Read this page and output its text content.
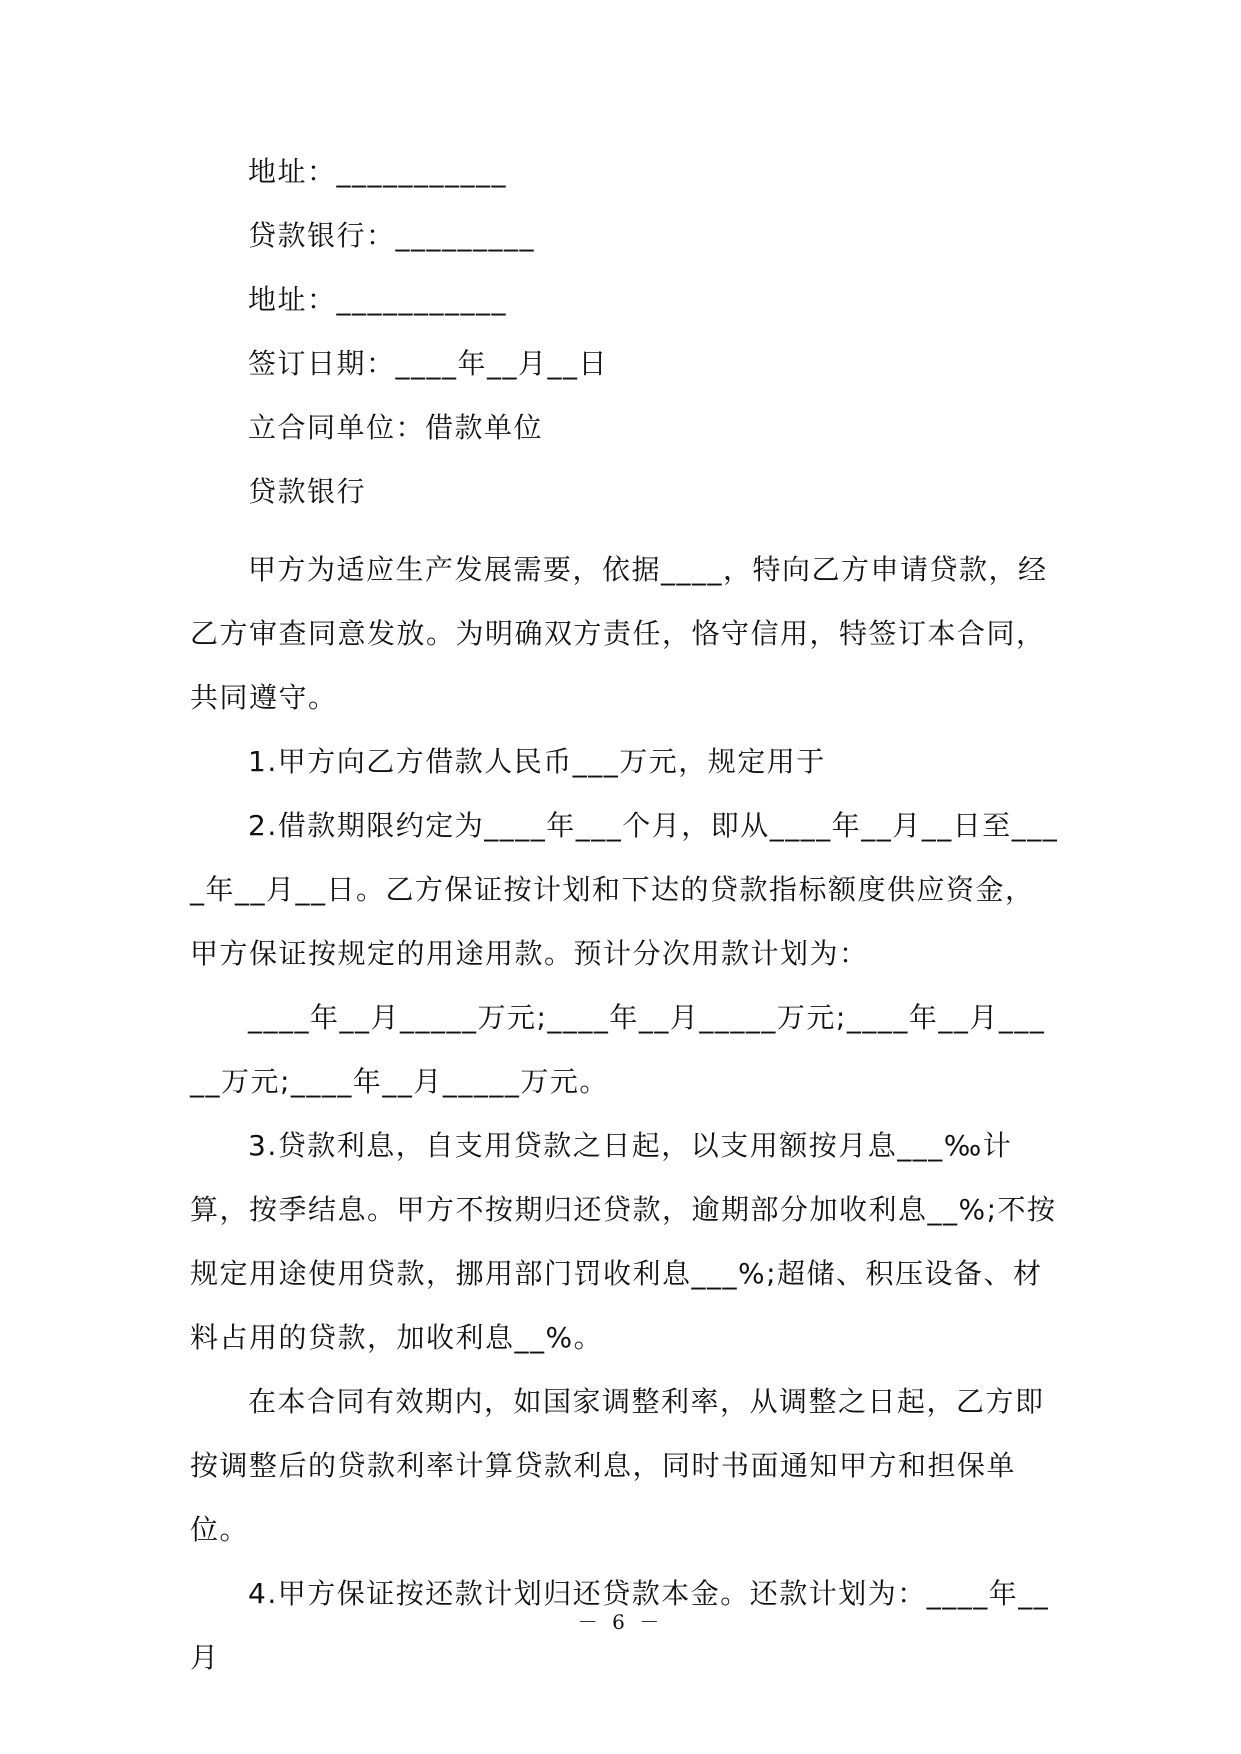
地址：___________

贷款银行：_________

地址：___________

签订日期：____年__月__日

立合同单位：借款单位

贷款银行

甲方为适应生产发展需要，依据____，特向乙方申请贷款，经乙方审查同意发放。为明确双方责任，恪守信用，特签订本合同，共同遵守。

1.甲方向乙方借款人民币___万元，规定用于

2.借款期限约定为____年___个月，即从____年__月__日至____年__月__日。乙方保证按计划和下达的贷款指标额度供应资金，甲方保证按规定的用途用款。预计分次用款计划为：

____年__月_____万元;____年__月_____万元;____年__月_____万元;____年__月_____万元。

3.贷款利息，自支用贷款之日起，以支用额按月息___‰计算，按季结息。甲方不按期归还贷款，逾期部分加收利息__%;不按规定用途使用贷款，挪用部门罚收利息___%;超储、积压设备、材料占用的贷款，加收利息__%。

在本合同有效期内，如国家调整利率，从调整之日起，乙方即按调整后的贷款利率计算贷款利息，同时书面通知甲方和担保单位。

4.甲方保证按还款计划归还贷款本金。还款计划为：____年__月

－ 6 －
